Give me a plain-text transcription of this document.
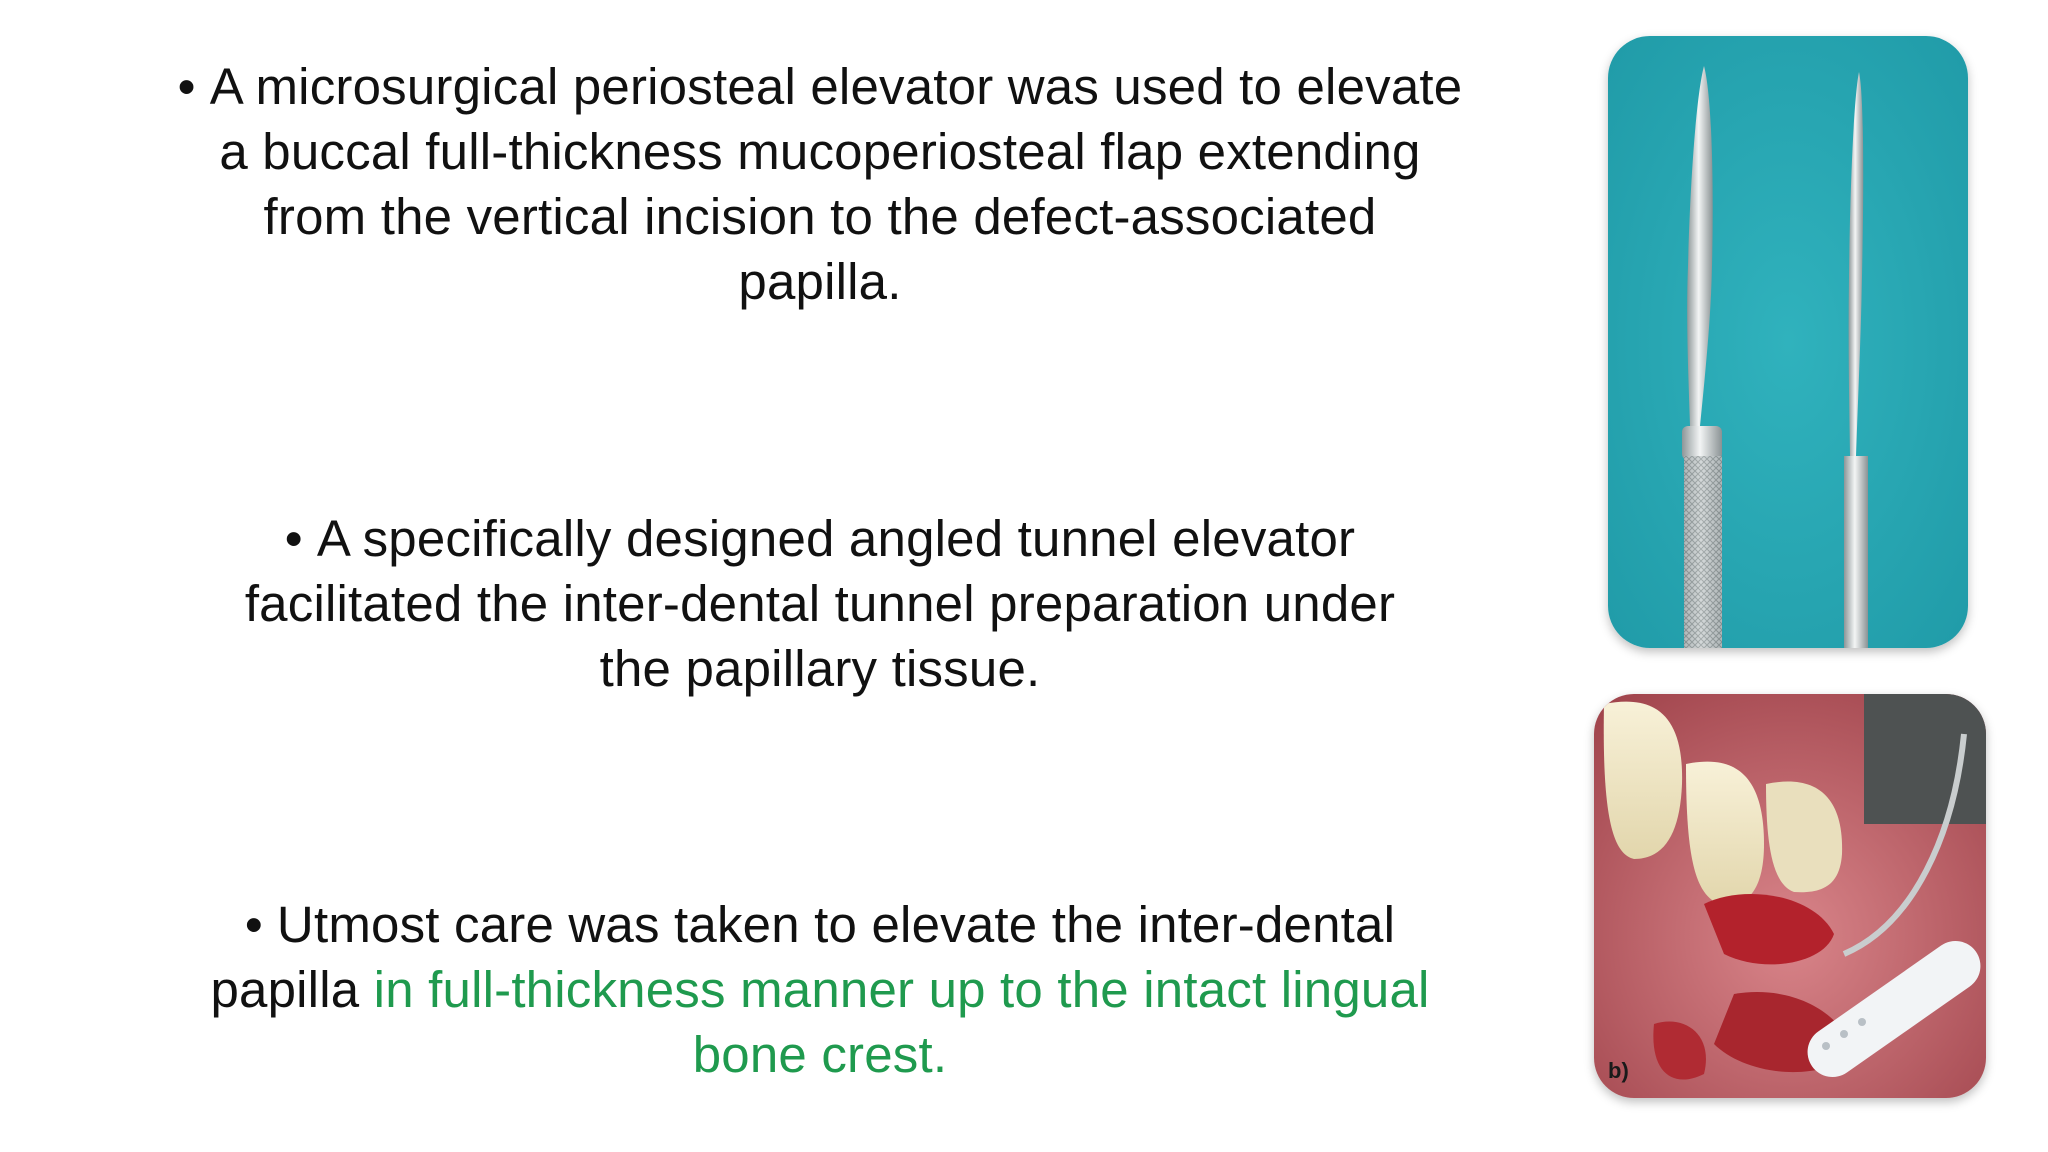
• A microsurgical periosteal elevator was used to elevate
a buccal full-thickness mucoperiosteal flap extending
from the vertical incision to the defect-associated
papilla.
• A specifically designed angled tunnel elevator
facilitated the inter-dental tunnel preparation under
the papillary tissue.
• Utmost care was taken to elevate the inter-dental
papilla in full-thickness manner up to the intact lingual
bone crest.	b)
